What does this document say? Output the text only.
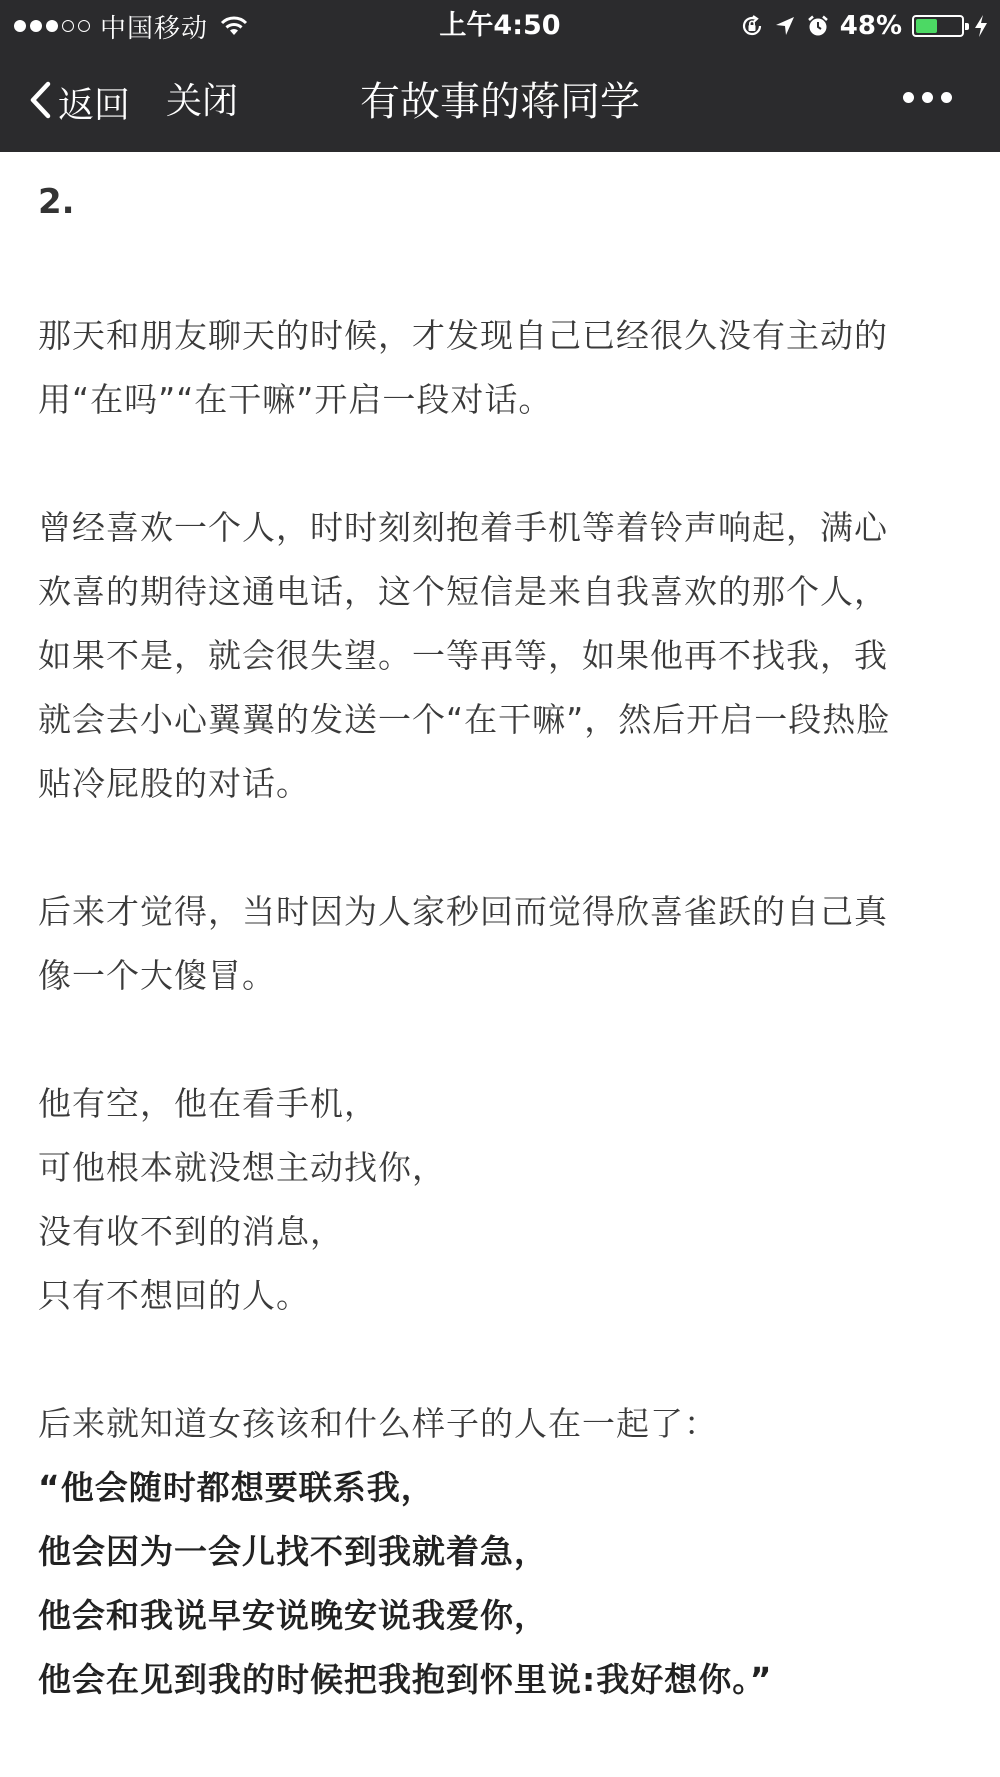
中国移动	上午4:50	48%
返回 关闭	有故事的蒋同学
2.

那天和朋友聊天的时候，才发现自己已经很久没有主动的
用“在吗”“在干嘛”开启一段对话。

曾经喜欢一个人，时时刻刻抱着手机等着铃声响起，满心
欢喜的期待这通电话，这个短信是来自我喜欢的那个人，
如果不是，就会很失望。一等再等，如果他再不找我，我
就会去小心翼翼的发送一个“在干嘛”，然后开启一段热脸
贴冷屁股的对话。

后来才觉得，当时因为人家秒回而觉得欣喜雀跃的自己真
像一个大傻冒。

他有空，他在看手机，
可他根本就没想主动找你，
没有收不到的消息，
只有不想回的人。

后来就知道女孩该和什么样子的人在一起了：

“他会随时都想要联系我，
他会因为一会儿找不到我就着急，
他会和我说早安说晚安说我爱你，
他会在见到我的时候把我抱到怀里说:我好想你。”
